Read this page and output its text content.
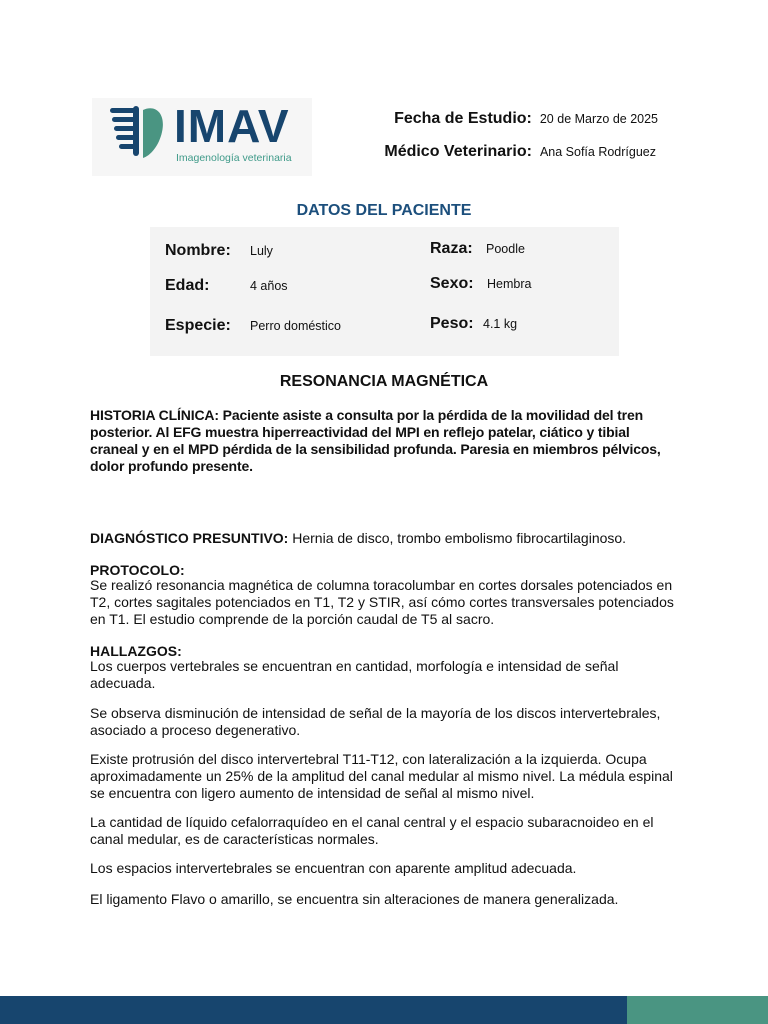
IMAV
Imagenología veterinaria
Fecha de Estudio: 20 de Marzo de 2025
Médico Veterinario: Ana Sofía Rodríguez
DATOS DEL PACIENTE
Nombre:	Luly	Raza:	Poodle
Edad:	4 años	Sexo:	Hembra
Especie:	Perro doméstico	Peso: 4.1 kg
RESONANCIA MAGNÉTICA
HISTORIA CLÍNICA: Paciente asiste a consulta por la pérdida de la movilidad del tren posterior. Al EFG muestra hiperreactividad del MPI en reflejo patelar, ciático y tibial craneal y en el MPD pérdida de la sensibilidad profunda. Paresia en miembros pélvicos, dolor profundo presente.
DIAGNÓSTICO PRESUNTIVO: Hernia de disco, trombo embolismo fibrocartilaginoso.
PROTOCOLO:
Se realizó resonancia magnética de columna toracolumbar en cortes dorsales potenciados en T2, cortes sagitales potenciados en T1, T2 y STIR, así cómo cortes transversales potenciados en T1. El estudio comprende de la porción caudal de T5 al sacro.
HALLAZGOS:
Los cuerpos vertebrales se encuentran en cantidad, morfología e intensidad de señal adecuada.
Se observa disminución de intensidad de señal de la mayoría de los discos intervertebrales, asociado a proceso degenerativo.
Existe protrusión del disco intervertebral T11-T12, con lateralización a la izquierda. Ocupa aproximadamente un 25% de la amplitud del canal medular al mismo nivel. La médula espinal se encuentra con ligero aumento de intensidad de señal al mismo nivel.
La cantidad de líquido cefalorraquídeo en el canal central y el espacio subaracnoideo en el canal medular, es de características normales.
Los espacios intervertebrales se encuentran con aparente amplitud adecuada.
El ligamento Flavo o amarillo, se encuentra sin alteraciones de manera generalizada.
